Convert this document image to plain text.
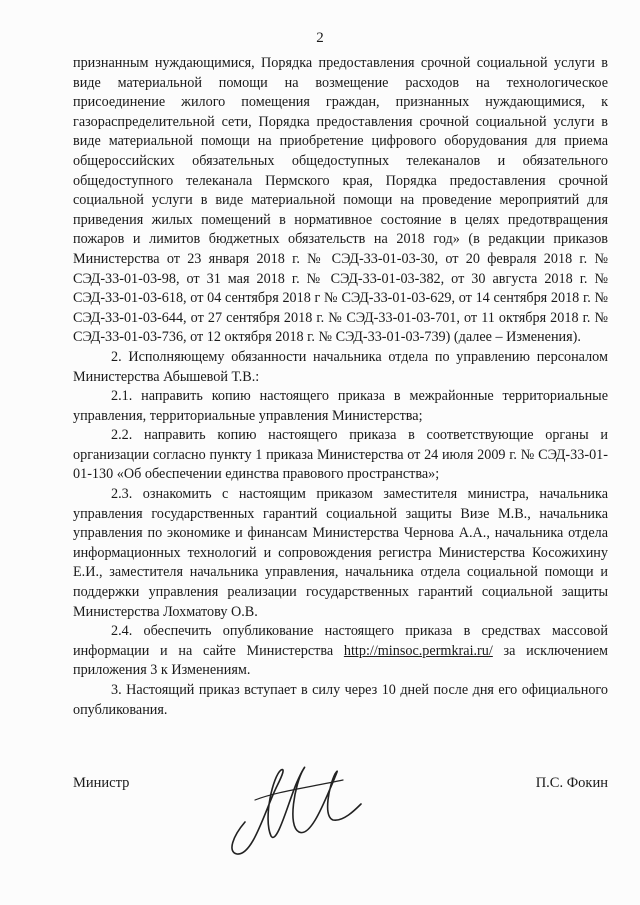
2

признанным нуждающимися, Порядка предоставления срочной социальной услуги в виде материальной помощи на возмещение расходов на технологическое присоединение жилого помещения граждан, признанных нуждающимися, к газораспределительной сети, Порядка предоставления срочной социальной услуги в виде материальной помощи на приобретение цифрового оборудования для приема общероссийских обязательных общедоступных телеканалов и обязательного общедоступного телеканала Пермского края, Порядка предоставления срочной социальной услуги в виде материальной помощи на проведение мероприятий для приведения жилых помещений в нормативное состояние в целях предотвращения пожаров и лимитов бюджетных обязательств на 2018 год» (в редакции приказов Министерства от 23 января 2018 г. № СЭД-33-01-03-30, от 20 февраля 2018 г. № СЭД-33-01-03-98, от 31 мая 2018 г. № СЭД-33-01-03-382, от 30 августа 2018 г. № СЭД-33-01-03-618, от 04 сентября 2018 г № СЭД-33-01-03-629, от 14 сентября 2018 г. № СЭД-33-01-03-644, от 27 сентября 2018 г. № СЭД-33-01-03-701, от 11 октября 2018 г. № СЭД-33-01-03-736, от 12 октября 2018 г. № СЭД-33-01-03-739) (далее – Изменения).

2. Исполняющему обязанности начальника отдела по управлению персоналом Министерства Абышевой Т.В.:

2.1. направить копию настоящего приказа в межрайонные территориальные управления, территориальные управления Министерства;

2.2. направить копию настоящего приказа в соответствующие органы и организации согласно пункту 1 приказа Министерства от 24 июля 2009 г. № СЭД-33-01-01-130 «Об обеспечении единства правового пространства»;

2.3. ознакомить с настоящим приказом заместителя министра, начальника управления государственных гарантий социальной защиты Визе М.В., начальника управления по экономике и финансам Министерства Чернова А.А., начальника отдела информационных технологий и сопровождения регистра Министерства Косожихину Е.И., заместителя начальника управления, начальника отдела социальной помощи и поддержки управления реализации государственных гарантий социальной защиты Министерства Лохматову О.В.

2.4. обеспечить опубликование настоящего приказа в средствах массовой информации и на сайте Министерства http://minsoc.permkrai.ru/ за исключением приложения 3 к Изменениям.

3. Настоящий приказ вступает в силу через 10 дней после дня его официального опубликования.

Министр	П.С. Фокин
